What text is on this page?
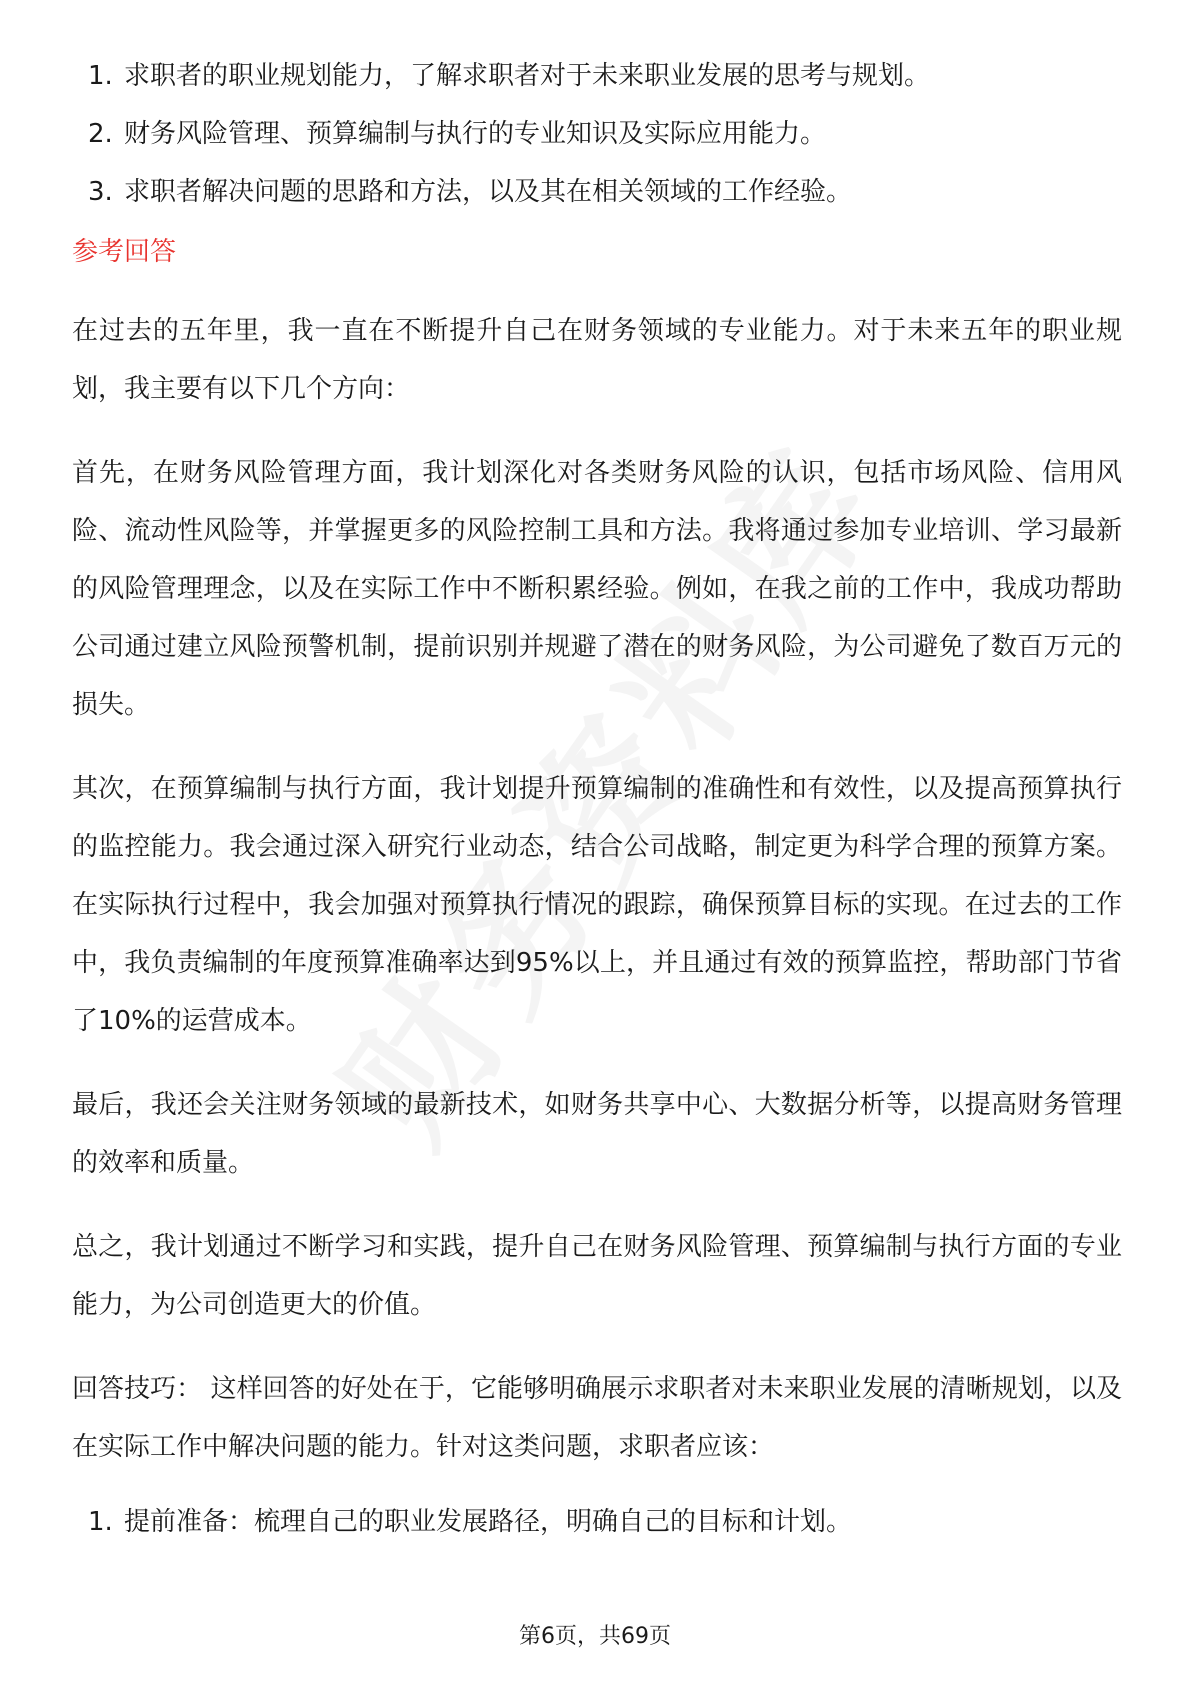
1. 求职者的职业规划能力，了解求职者对于未来职业发展的思考与规划。
2. 财务风险管理、预算编制与执行的专业知识及实际应用能力。
3. 求职者解决问题的思路和方法，以及其在相关领域的工作经验。
参考回答

在过去的五年里，我一直在不断提升自己在财务领域的专业能力。对于未来五年的职业规划，我主要有以下几个方向：

首先，在财务风险管理方面，我计划深化对各类财务风险的认识，包括市场风险、信用风险、流动性风险等，并掌握更多的风险控制工具和方法。我将通过参加专业培训、学习最新的风险管理理念，以及在实际工作中不断积累经验。例如，在我之前的工作中，我成功帮助公司通过建立风险预警机制，提前识别并规避了潜在的财务风险，为公司避免了数百万元的损失。

其次，在预算编制与执行方面，我计划提升预算编制的准确性和有效性，以及提高预算执行的监控能力。我会通过深入研究行业动态，结合公司战略，制定更为科学合理的预算方案。在实际执行过程中，我会加强对预算执行情况的跟踪，确保预算目标的实现。在过去的工作中，我负责编制的年度预算准确率达到95%以上，并且通过有效的预算监控，帮助部门节省了10%的运营成本。

最后，我还会关注财务领域的最新技术，如财务共享中心、大数据分析等，以提高财务管理的效率和质量。

总之，我计划通过不断学习和实践，提升自己在财务风险管理、预算编制与执行方面的专业能力，为公司创造更大的价值。

回答技巧： 这样回答的好处在于，它能够明确展示求职者对未来职业发展的清晰规划，以及在实际工作中解决问题的能力。针对这类问题，求职者应该：

1. 提前准备：梳理自己的职业发展路径，明确自己的目标和计划。
第6页，共69页
